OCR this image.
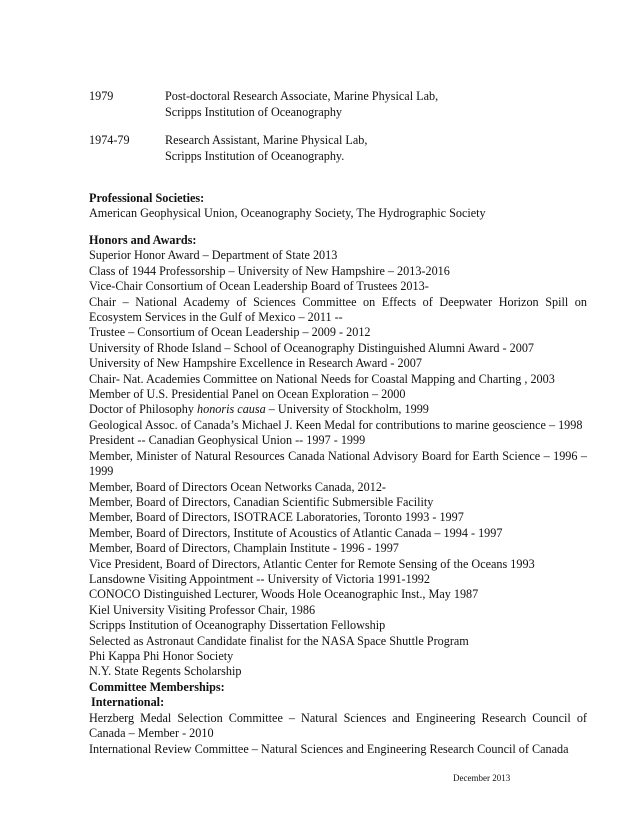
1979	Post-doctoral Research Associate, Marine Physical Lab,
Scripps Institution of Oceanography
1974-79	Research Assistant, Marine Physical Lab,
Scripps Institution of Oceanography.
Professional Societies:
American Geophysical Union, Oceanography Society, The Hydrographic Society
Honors and Awards:
Superior Honor Award – Department of State 2013
Class of 1944 Professorship – University of New Hampshire – 2013-2016
Vice-Chair Consortium of Ocean Leadership Board of Trustees 2013-
Chair – National Academy of Sciences Committee on Effects of Deepwater Horizon Spill on Ecosystem Services in the Gulf of Mexico – 2011 --
Trustee – Consortium of Ocean Leadership – 2009 - 2012
University of Rhode Island – School of Oceanography Distinguished Alumni Award - 2007
University of New Hampshire Excellence in Research Award - 2007
Chair- Nat. Academies Committee on National Needs for Coastal Mapping and Charting , 2003
Member of U.S. Presidential Panel on Ocean Exploration – 2000
Doctor of Philosophy honoris causa – University of Stockholm, 1999
Geological Assoc. of Canada’s Michael J. Keen Medal for contributions to marine geoscience – 1998
President -- Canadian Geophysical Union -- 1997 - 1999
Member, Minister of Natural Resources Canada National Advisory Board for Earth Science – 1996 – 1999
Member, Board of Directors Ocean Networks Canada, 2012-
Member, Board of Directors, Canadian Scientific Submersible Facility
Member, Board of Directors, ISOTRACE Laboratories, Toronto 1993 - 1997
Member, Board of Directors, Institute of Acoustics of Atlantic Canada – 1994 - 1997
Member, Board of Directors, Champlain Institute - 1996 - 1997
Vice President, Board of Directors, Atlantic Center for Remote Sensing of the Oceans 1993
Lansdowne Visiting Appointment -- University of Victoria 1991-1992
CONOCO Distinguished Lecturer, Woods Hole Oceanographic Inst., May 1987
Kiel University Visiting Professor Chair, 1986
Scripps Institution of Oceanography Dissertation Fellowship
Selected as Astronaut Candidate finalist for the NASA Space Shuttle Program
Phi Kappa Phi Honor Society
N.Y. State Regents Scholarship
Committee Memberships:
International:
Herzberg Medal Selection Committee – Natural Sciences and Engineering Research Council of Canada – Member - 2010
International Review Committee – Natural Sciences and Engineering Research Council of Canada
December 2013
